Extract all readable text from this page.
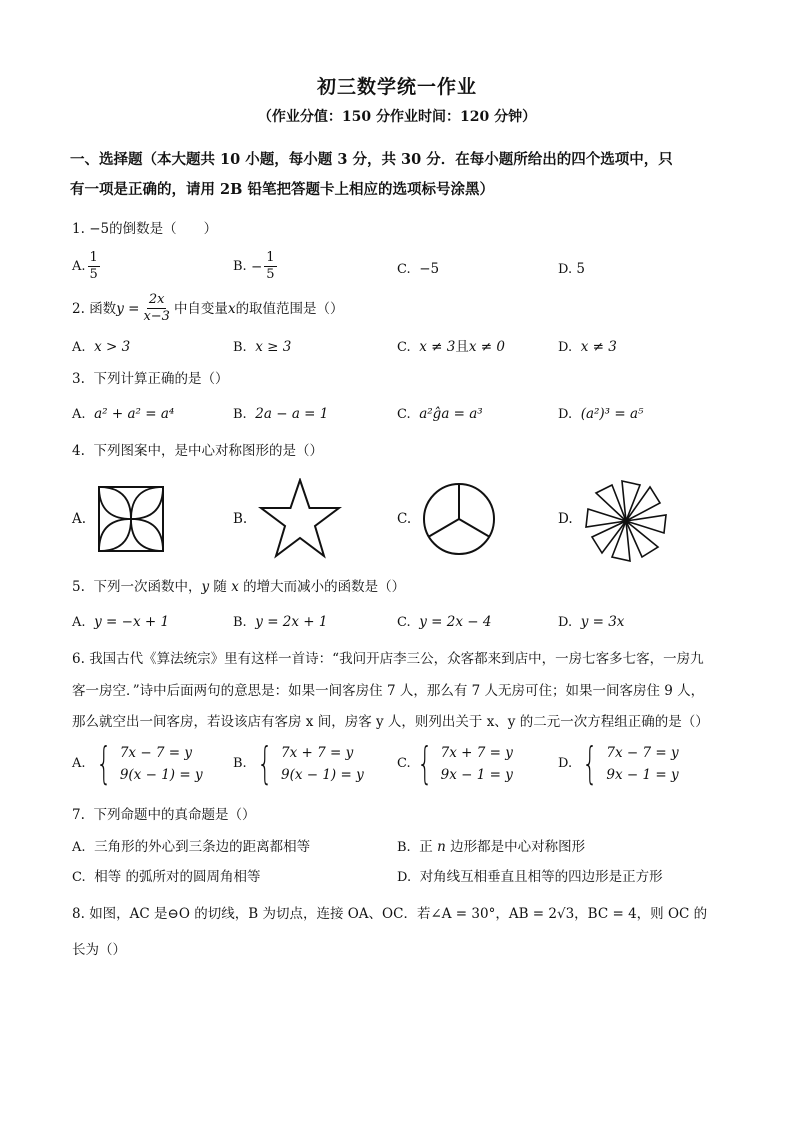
初三数学统一作业
（作业分值：150 分作业时间：120 分钟）
一、选择题（本大题共 10 小题，每小题 3 分，共 30 分．在每小题所给出的四个选项中，只
有一项是正确的，请用 2B 铅笔把答题卡上相应的选项标号涂黑）
1. −5的倒数是（　　）
A. $\frac{1}{5}$	B.
− $\frac{1}{5}$	C. −5	D. 5
2.
函数 y
= $\frac{2x}{x-3}$ 中自变量 x 的取值范围是（）
A. x > 3	B. x ≥ 3	C. x ≠ 3且x ≠ 0	D. x ≠ 3
3. 下列计算正确的是（）
A. a² + a² = a⁴	B. 2a − a = 1	C. a²ĝa = a³	D. (a²)³ = a⁵
4. 下列图案中，是中心对称图形的是（）
A.	B.	C.	D.
5. 下列一次函数中，y 随 x 的增大而减小的函数是（）
A. y = −x + 1	B. y = 2x + 1	C. y = 2x − 4	D. y = 3x
6. 我国古代《算法统宗》里有这样一首诗：“我问开店李三公，众客都来到店中，一房七客多七客，一房九
客一房空．”诗中后面两句的意思是：如果一间客房住 7 人，那么有 7 人无房可住；如果一间客房住 9 人，
那么就空出一间客房，若设该店有客房 x 间，房客 y 人，则列出关于 x、y 的二元一次方程组正确的是（）
A.
{ 7x − 7 = y
9(x − 1) = y
B.
{ 7x + 7 = y
9(x − 1) = y
C. { 7x + 7 = y
9x − 1 = y
D.
{ 7x − 7 = y
9x − 1 = y
7. 下列命题中的真命题是（）
A. 三角形的外心到三条边的距离都相等	B. 正 n 边形都是中心对称图形
C. 相等 的弧所对的圆周角相等	D. 对角线互相垂直且相等的四边形是正方形
8. 如图，AC 是⊖O 的切线，B 为切点，连接 OA、OC．若∠A = 30°，AB = 2√3，BC = 4，则 OC 的
长为（）
